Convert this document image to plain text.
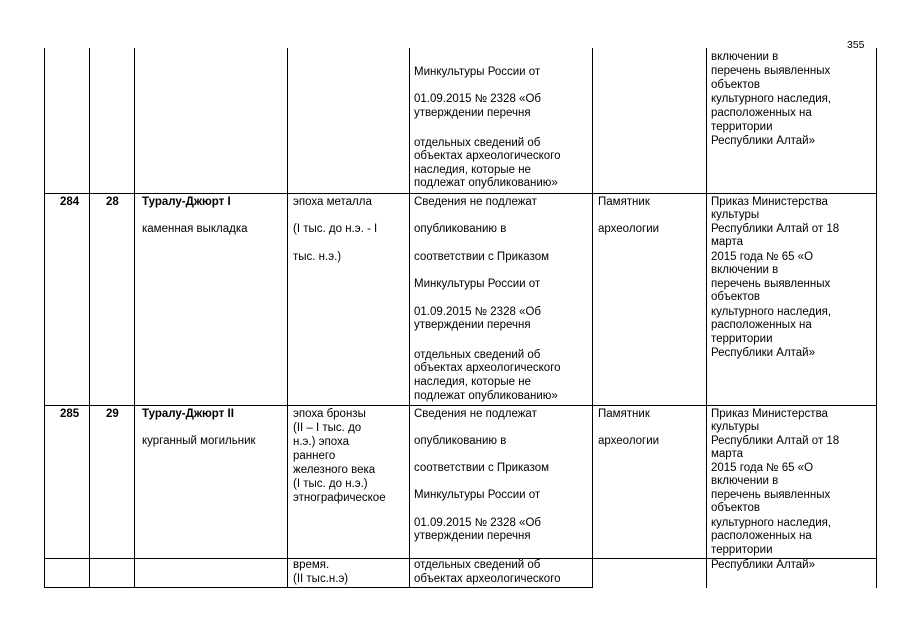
355
Минкультуры России от
01.09.2015 № 2328 «Об
утверждении перечня
отдельных сведений об
объектах археологического
наследия, которые не
подлежат опубликованию»
включении в
перечень выявленных
объектов
культурного наследия,
расположенных на
территории
Республики Алтай»
284 28 Туралу-Джюрт I
каменная выкладка
эпоха металла
(I тыс. до н.э. - I
тыс. н.э.)
Сведения не подлежат
опубликованию в
соответствии с Приказом
Минкультуры России от
01.09.2015 № 2328 «Об
утверждении перечня
отдельных сведений об
объектах археологического
наследия, которые не
подлежат опубликованию»
Памятник
археологии
Приказ Министерства
культуры
Республики Алтай от 18
марта
2015 года № 65 «О
включении в
перечень выявленных
объектов
культурного наследия,
расположенных на
территории
Республики Алтай»
285 29 Туралу-Джюрт II
курганный могильник
эпоха бронзы
(II – I тыс. до
н.э.) эпоха
раннего
железного века
(I тыс. до н.э.)
этнографическое
Сведения не подлежат
опубликованию в
соответствии с Приказом
Минкультуры России от
01.09.2015 № 2328 «Об
утверждении перечня
Памятник
археологии
Приказ Министерства
культуры
Республики Алтай от 18
марта
2015 года № 65 «О
включении в
перечень выявленных
объектов
культурного наследия,
расположенных на
территории
время.
(II тыс.н.э)
отдельных сведений об
объектах археологического
Республики Алтай»
